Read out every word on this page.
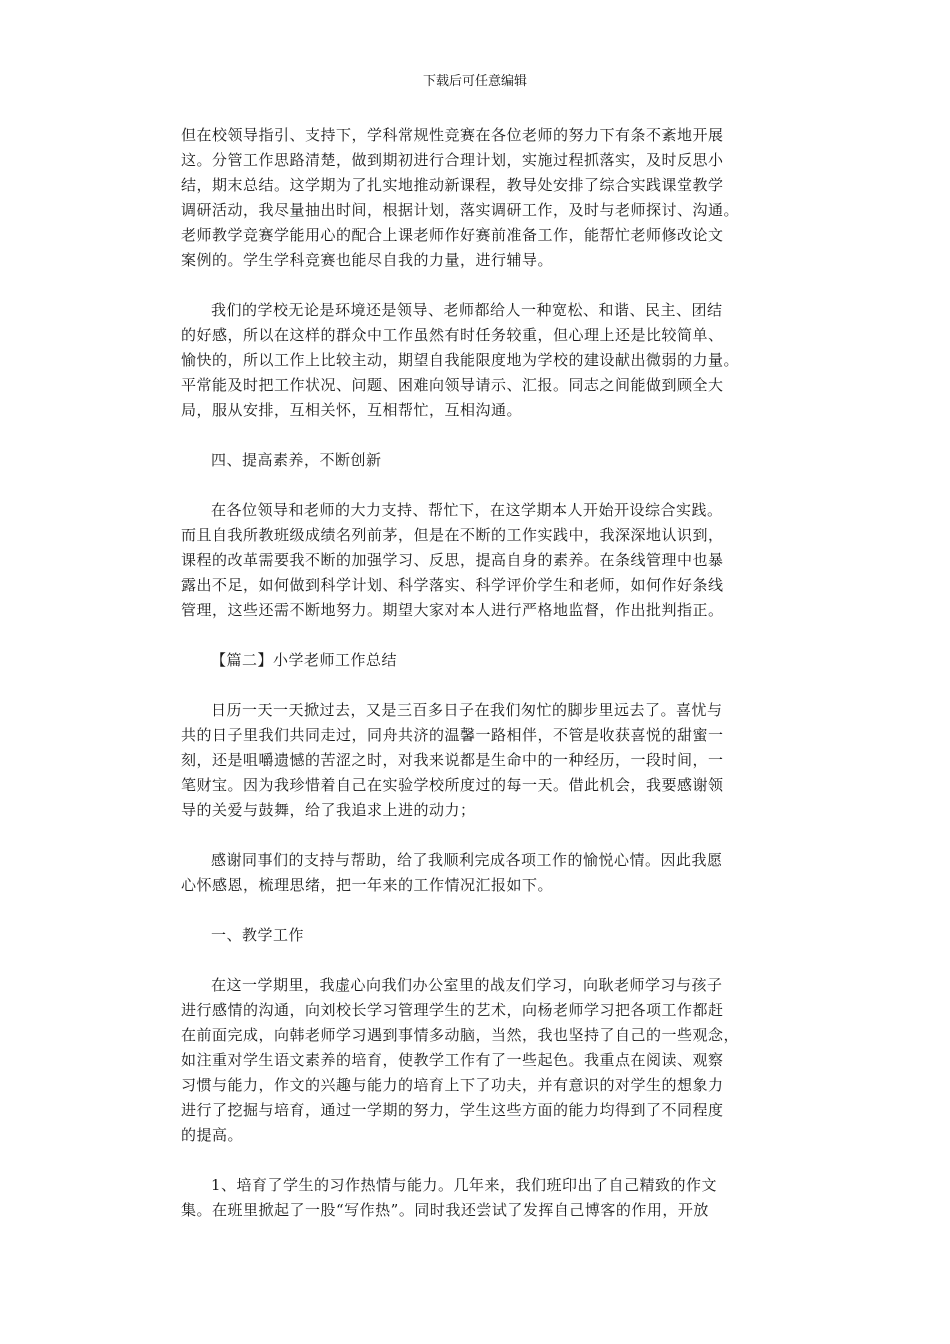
下载后可任意编辑

但在校领导指引、支持下，学科常规性竞赛在各位老师的努力下有条不紊地开展
这。分管工作思路清楚，做到期初进行合理计划，实施过程抓落实，及时反思小
结，期末总结。这学期为了扎实地推动新课程，教导处安排了综合实践课堂教学
调研活动，我尽量抽出时间，根据计划，落实调研工作，及时与老师探讨、沟通。
老师教学竞赛学能用心的配合上课老师作好赛前准备工作，能帮忙老师修改论文
案例的。学生学科竞赛也能尽自我的力量，进行辅导。

我们的学校无论是环境还是领导、老师都给人一种宽松、和谐、民主、团结
的好感，所以在这样的群众中工作虽然有时任务较重，但心理上还是比较简单、
愉快的，所以工作上比较主动，期望自我能限度地为学校的建设献出微弱的力量。
平常能及时把工作状况、问题、困难向领导请示、汇报。同志之间能做到顾全大
局，服从安排，互相关怀，互相帮忙，互相沟通。

四、提高素养，不断创新

在各位领导和老师的大力支持、帮忙下，在这学期本人开始开设综合实践。
而且自我所教班级成绩名列前茅，但是在不断的工作实践中，我深深地认识到，
课程的改革需要我不断的加强学习、反思，提高自身的素养。在条线管理中也暴
露出不足，如何做到科学计划、科学落实、科学评价学生和老师，如何作好条线
管理，这些还需不断地努力。期望大家对本人进行严格地监督，作出批判指正。

【篇二】小学老师工作总结

日历一天一天掀过去，又是三百多日子在我们匆忙的脚步里远去了。喜忧与
共的日子里我们共同走过，同舟共济的温馨一路相伴，不管是收获喜悦的甜蜜一
刻，还是咀嚼遗憾的苦涩之时，对我来说都是生命中的一种经历，一段时间，一
笔财宝。因为我珍惜着自己在实验学校所度过的每一天。借此机会，我要感谢领
导的关爱与鼓舞，给了我追求上进的动力；

感谢同事们的支持与帮助，给了我顺利完成各项工作的愉悦心情。因此我愿
心怀感恩，梳理思绪，把一年来的工作情况汇报如下。

一、教学工作

在这一学期里，我虚心向我们办公室里的战友们学习，向耿老师学习与孩子
进行感情的沟通，向刘校长学习管理学生的艺术，向杨老师学习把各项工作都赶
在前面完成，向韩老师学习遇到事情多动脑，当然，我也坚持了自己的一些观念，
如注重对学生语文素养的培育，使教学工作有了一些起色。我重点在阅读、观察
习惯与能力，作文的兴趣与能力的培育上下了功夫，并有意识的对学生的想象力
进行了挖掘与培育，通过一学期的努力，学生这些方面的能力均得到了不同程度
的提高。

1、培育了学生的习作热情与能力。几年来，我们班印出了自己精致的作文
集。在班里掀起了一股“写作热”。同时我还尝试了发挥自己博客的作用，开放
